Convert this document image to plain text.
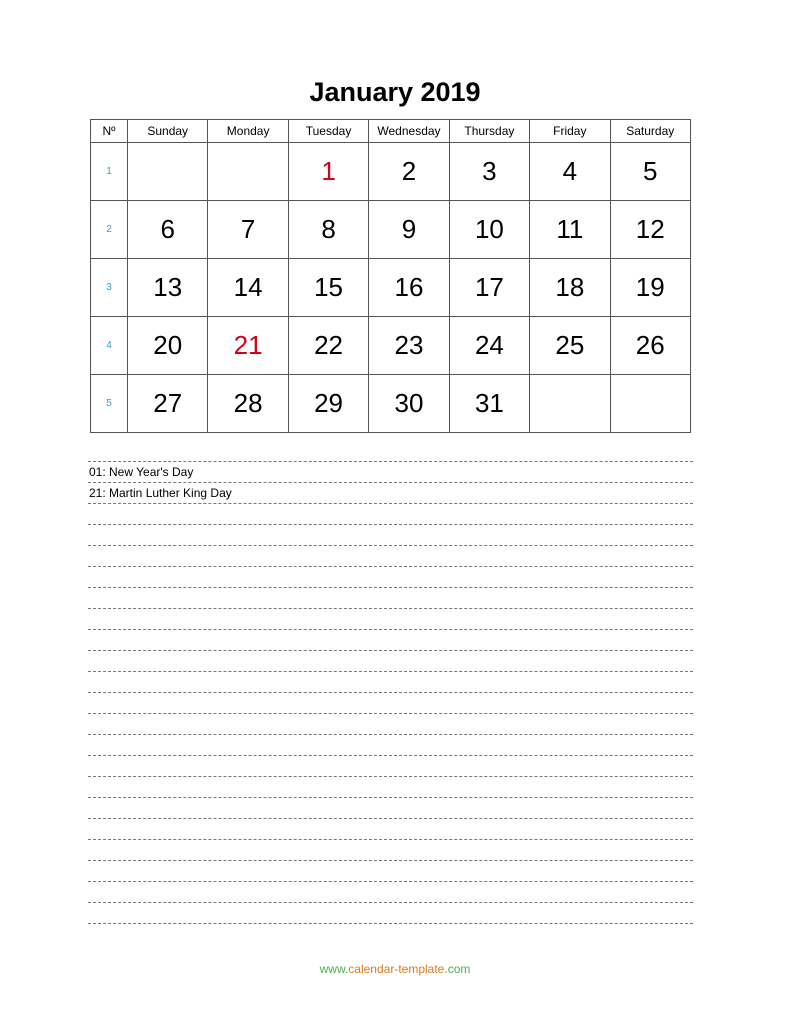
January 2019
Nº	Sunday	Monday	Tuesday	Wednesday	Thursday	Friday	Saturday
1			1	2	3	4	5
2	6	7	8	9	10	11	12
3	13	14	15	16	17	18	19
4	20	21	22	23	24	25	26
5	27	28	29	30	31		
01: New Year's Day
21: Martin Luther King Day
www.calendar-template.com
